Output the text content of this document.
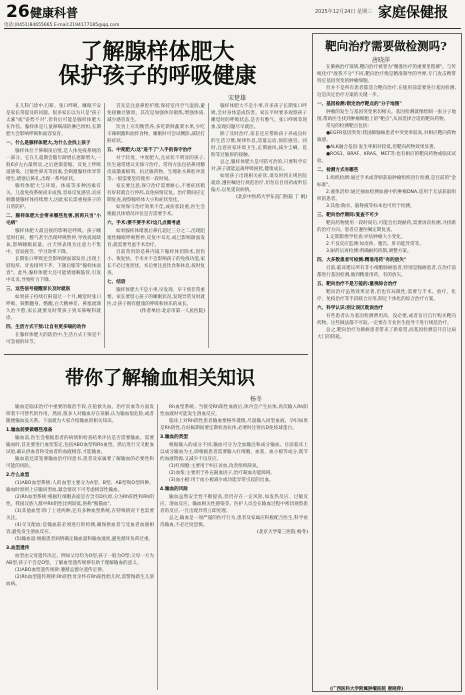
26 健康科普	2025年12月24日 星期三 家庭保健报
电话:(0451)84655665 E-mail:2194177185@qq.com
了解腺样体肥大
保护孩子的呼吸健康
宋楚雄

在儿科门诊中,打鼾、张口呼吸、睡眠不安是家长常提及的问题。很多家长以为只是"孩子太累"或"姿势不对",但背后可能是腺样体肥大在作怪。腺样体是儿童鼻咽部的淋巴组织,长期肥大会影响呼吸和面容发育。

一、什么是腺样体肥大,为什么会找上孩子

腺样体位于鼻咽顶后壁,是人体免疫系统的一部分。它在儿童期会随年龄增长逐渐增大,一般6岁左右最明显,之后逐渐萎缩。反复上呼吸道感染、过敏性鼻炎等因素,会刺激腺样体异常增生,堵塞后鼻孔,出现一系列症状。

腺样体肥大与环境、体质等多种因素有关。儿童免疫系统尚未成熟,容易反复感冒,炎症刺激使腺样体持续增大,因此家长需重视孩子的日常防护。

二、腺样体肥大会带来哪些危害,别再只当"小毛病"

腺样体肥大最直接的影响是呼吸。孩子睡觉时打鼾、憋气甚至出现呼吸暂停,导致夜间缺氧,影响睡眠质量。白天则表现为注意力不集中、容易疲劳、学习效率下降。

长期张口呼吸还会影响颌面部发育,出现上唇短厚、牙齿排列不齐、下颌后缩等"腺样体面容"。此外,腺样体肥大还可能堵塞咽鼓管,引发中耳炎,导致听力下降。

三、这些信号提醒家长及时就医

如果孩子持续打鼾超过一个月,睡觉时张口呼吸、频繁翻身、憋醒,白天精神差、鼻塞流涕久治不愈,家长就要及时带孩子到耳鼻喉科就诊。

四、生活方式干预:让自有更多喘的动作

在腺样体肥大的防治中,生活方式干预是不可忽视的环节。

首先是注意鼻腔护理,保持室内空气湿润,避免接触过敏原。其次是加强体育锻炼,增强体质,减少感冒发生。

饮食上应均衡营养,多吃新鲜蔬菜水果,少吃辛辣刺激和油炸食物。睡眠时可尝试侧卧,减轻打鼾症状。

五、中度肥大:这"进不了"入手的保守治疗

对于轻度、中度肥大,且症状不明显的孩子,医生通常建议先保守治疗。常用方法包括鼻用糖皮质激素喷剂、抗过敏药物、生理盐水鼻腔冲洗等,一般需要坚持使用一段时间。

家长要注意,保守治疗需要耐心,不要症状稍有好转就自行停药,以免病情反复。治疗期间应定期复查,观察腺样体大小和症状变化。

如果保守治疗效果不佳,或症状较重,医生会根据具体情况评估是否需要手术。

六、手术:要不要手术?这几点需考虑

如果腺样体堵塞后鼻孔超过三分之二,出现阻塞性睡眠呼吸暂停,反复中耳炎,或已影响颌面发育,就需要考虑手术治疗。

目前常用的是鼻内镜下腺样体切除术,创伤小、恢复快。手术并不会影响孩子的免疫功能,家长不必过度担忧。术后要注意饮食和休息,按时复查。

七、结语

腺样体肥大不是小事,早发现、早干预非常重要。家长要留心孩子的睡眠状况,发现异常及时就医,让孩子拥有健康的呼吸和快乐的成长。

(作者单位:北京市第一人民医院)

腺样体肥大不是小事,许多孩子长期张口呼吸,会对身体造成伤害。家长平时要多观察孩子睡觉时的呼吸状态,是否有憋气、张口呼吸等现象,发现问题尽早就医。

除了及时治疗,家长还应帮助孩子养成良好的生活习惯,规律作息,适量运动,预防感冒。同时,注意居家环境卫生,定期通风,减少尘螨、花粉等过敏原的接触。

总之,腺样体肥大是可防可治的,只要科学应对,孩子就能远离呼吸困扰,健康成长。

如果孩子出现相关症状,请及时到正规医院就诊,遵医嘱进行规范治疗,切勿盲目用药或听信偏方,以免延误病情。

(北京中医药大学东直门医院 丁 娟)

带你了解输血相关知识
杨冬

输血是临床治疗中重要的救治手段,在抢救失血、治疗贫血等方面发挥着不可替代的作用。然而,很多人对输血存在误解,认为输血很危险,或者随便输血没关系。下面就为大家介绍输血的相关知识。

1.输血前要做哪些准备

输血前,医生会根据患者的病情和检查结果评估是否需要输血。需要输血时,首先要进行血型鉴定,包括ABO血型和Rh血型。然后进行交叉配血试验,确认供血者和受血者的血液相容,才能输血。

输血前还需签署输血治疗同意书,患者及家属要了解输血的必要性和可能的风险。

2.什么血型

(1)ABO血型系统:人的血型主要分为A型、B型、AB型和O型四种。输血时原则上应输同型血,紧急情况下可考虑相容性输血。

(2)Rh血型系统:根据红细胞表面是否含有D抗原,分为Rh阳性和Rh阴性。我国汉族人群中Rh阴性比例较低,俗称"熊猫血"。

(3)其他血型:除了上述两种,还有多种血型系统,在特殊情况下也需要关注。

(4)交叉配血:是输血前必须进行的检测,确保供血者与受血者血液相容,避免发生溶血反应。

(5)输血量:根据患者病情确定输血量和输血速度,避免循环负荷过重。

3.血型遗传

血型由父母遗传决定。例如父母均为O型,孩子一般为O型;父母一方为AB型,孩子不会是O型。了解血型遗传规律有助于理解输血的意义。

(1)ABO血型遗传规律:遵循孟德尔遗传定律。

(2)Rh血型遗传规律:Rh阴性母亲怀有Rh阳性胎儿时,需警惕新生儿溶血病。

Rh血型系统。当接受Rh阳性血液后,体内会产生抗体,再次输入Rh阳性血液时可能发生溶血反应。

临床上对Rh阴性患者输血要格外谨慎,尽量输入同型血液。孕妇如果是Rh阴性,在妊娠期间要定期检查抗体,必要时注射抗D免疫球蛋白。

3.输血的类型

根据输入的成分不同,输血可分为全血输注和成分输血。目前临床上以成分输血为主,即根据患者需要输入红细胞、血浆、血小板等成分,既节约血液资源,又减少不良反应。

(1)红细胞:主要用于纠正贫血,改善组织缺氧。

(2)血浆:主要用于补充凝血因子,治疗凝血功能障碍。

(3)血小板:用于血小板减少或功能异常引起的出血。

4.输血的风险

输血虽然安全性不断提高,但仍存在一定风险,如发热反应、过敏反应、溶血反应、输血相关性感染等。医护人员会在输血过程中密切观察患者的反应,一旦出现异常立即处理。

总之,输血是一项严谨的医疗行为,患者及家属应积极配合医生,科学看待输血,不必过度恐惧。

(北京大学第三医院 杨冬)

靶向治疗需要做检测吗?
唐晓萍

在肺癌治疗领域,靶向治疗被誉为"精准医疗的重要里程碑"。与传统化疗"敌我不分"不同,靶向治疗像是精准制导的导弹,专门攻击携带特定基因突变的肿瘤细胞。

但并不是所有患者都适合靶向治疗,在使用前需要进行基因检测,这是决定治疗方案的关键一步。

一、基因检测:锁定治疗靶点的"分子地图"

肿瘤的发生与基因突变密切相关。基因检测就像绘制一张分子地图,帮助医生找到肿瘤细胞上的"靶点",从而选择合适的靶向药物。

常见的检测靶点包括:

●EGFR基因突变:我国肺腺癌患者中突变率较高,对相应靶向药物敏感。

●ALK融合基因:发生率相对较低,但靶向药物效果显著。

●ROS1、BRAF、KRAS、MET等:也有相应的靶向药物或临床试验。

二、检测方式有哪些

1.组织检测:通过手术或穿刺获取肿瘤组织进行检测,是目前的"金标准"。

2.液体活检:通过抽血检测血液中的肿瘤DNA,适用于无法获取组织的患者。

3.其他:胸水、脑脊液等标本也可用于检测。

三、靶向治疗期间:复查不可少

靶向药物使用一段时间后,可能会出现耐药,需要再次检测,寻找新的治疗方向。患者应遵医嘱定期复查。

1.定期影像学检查:评估肿瘤大小变化。

2.不良反应监测:如皮疹、腹泻、肝功能异常等。

3.耐药后再检测:明确耐药机制,调整方案。

四、大多数患者可检测:精准用药"有的放矢"

目前,临床建议所有非小细胞肺癌患者,特别是腺癌患者,在治疗前都进行基因检测,做到精准用药、有的放矢。

五、靶向治疗不是万能的:重视综合治疗

靶向治疗虽然效果显著,但也有局限性,需要与手术、放疗、化疗、免疫治疗等手段联合应用,制定个体化的综合治疗方案。

六、科学认识:别让误区耽误治疗

有些患者认为基因检测费用高、没必要,或者盲目自行购买靶向药物。这些做法都不可取,一定要在专业医生指导下进行规范治疗。

总之,靶向治疗为肺癌患者带来了新希望,而基因检测是开启这扇大门的钥匙。

(广西医科大学附属肿瘤医院 唐晓萍)
